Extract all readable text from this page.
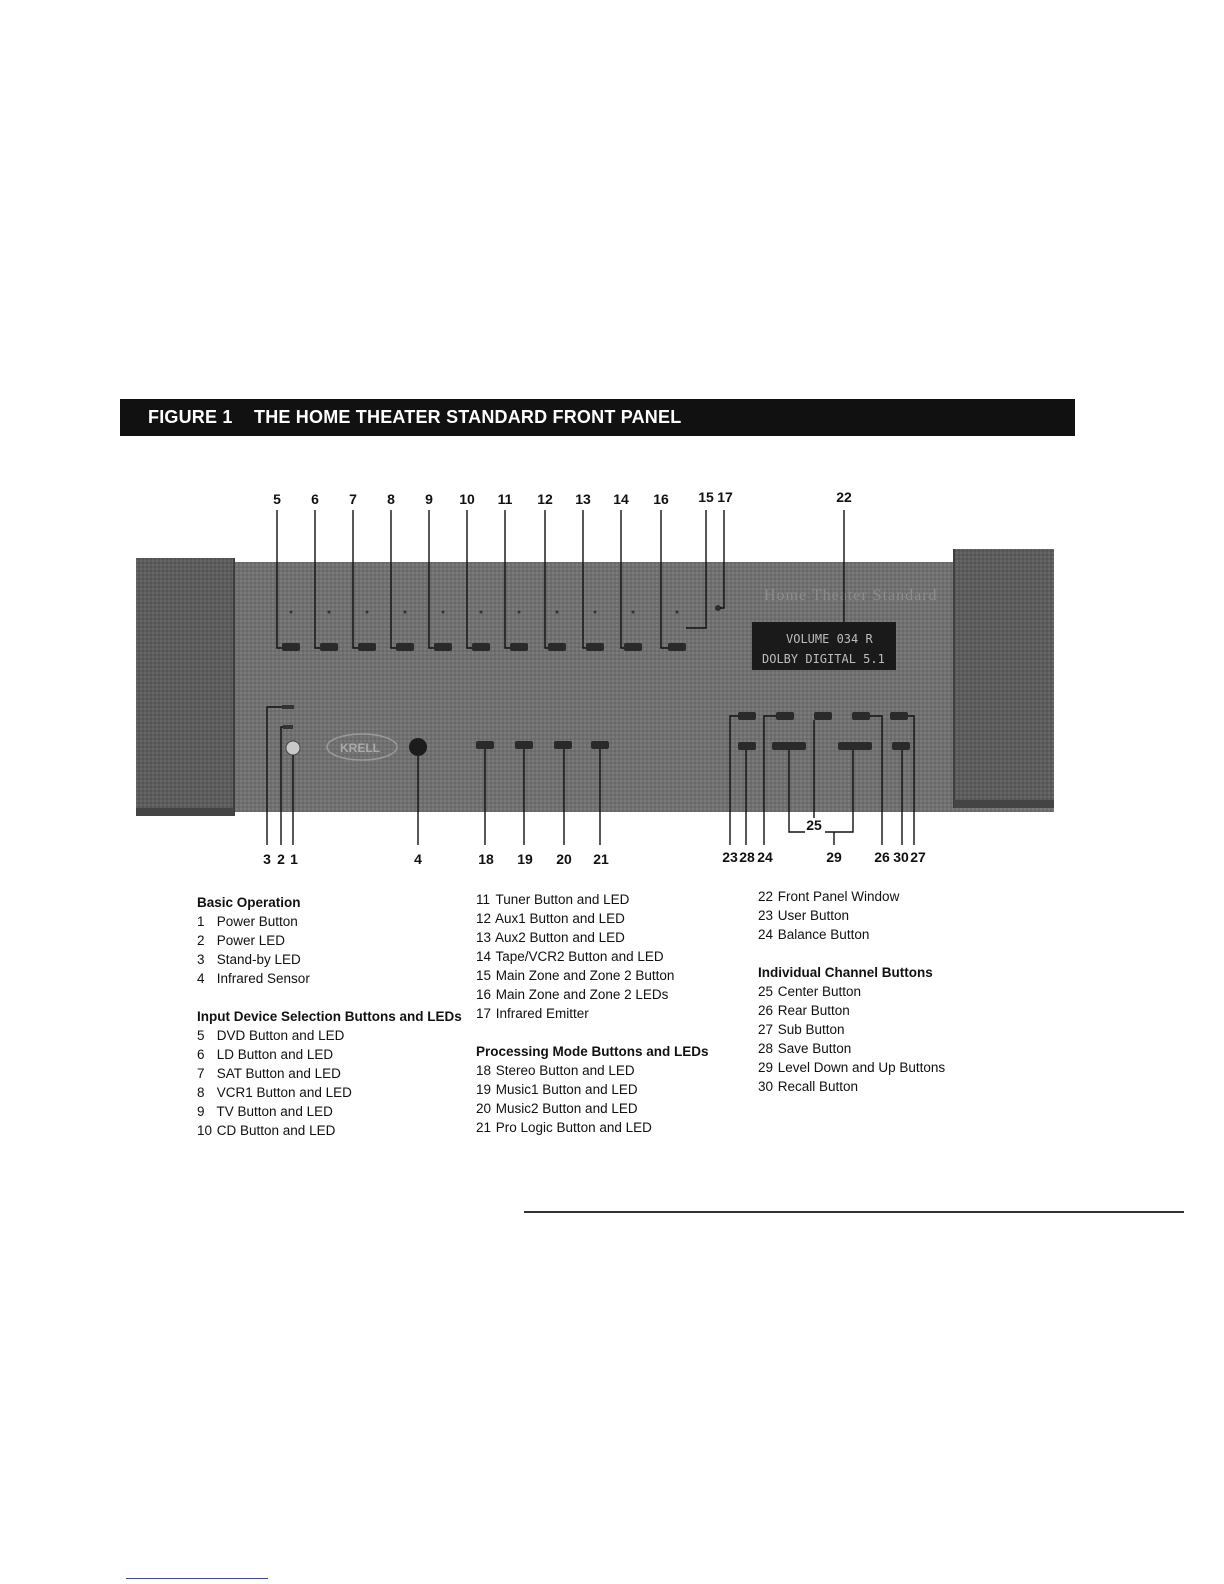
FIGURE 1 THE HOME THEATER STANDARD FRONT PANEL
Home Theater Standard
VOLUME 034 R
DOLBY DIGITAL 5.1
KRELL
5 6 7 8 9 10 11 12 13 14 16 15 17	22
3 2 1	4	18 19 20 21	23 28 24	29 26 30 27
25
Basic Operation
1 Power Button
2 Power LED
3 Stand-by LED
4 Infrared Sensor
Input Device Selection Buttons and LEDs
5 DVD Button and LED
6 LD Button and LED
7 SAT Button and LED
8 VCR1 Button and LED
9 TV Button and LED
10 CD Button and LED
11 Tuner Button and LED
12 Aux1 Button and LED
13 Aux2 Button and LED
14 Tape/VCR2 Button and LED
15 Main Zone and Zone 2 Button
16 Main Zone and Zone 2 LEDs
17 Infrared Emitter
Processing Mode Buttons and LEDs
18 Stereo Button and LED
19 Music1 Button and LED
20 Music2 Button and LED
21 Pro Logic Button and LED
22 Front Panel Window
23 User Button
24 Balance Button
Individual Channel Buttons
25 Center Button
26 Rear Button
27 Sub Button
28 Save Button
29 Level Down and Up Buttons
30 Recall Button
